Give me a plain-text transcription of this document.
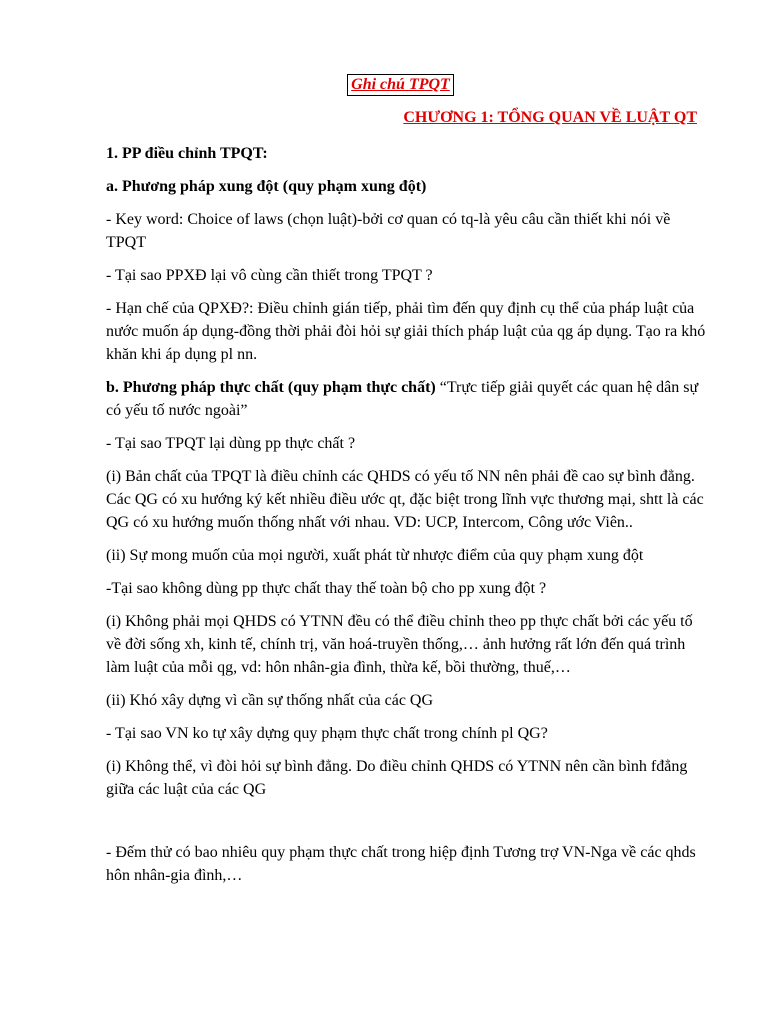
Ghi chú TPQT
CHƯƠNG 1: TỔNG QUAN VỀ LUẬT QT

1. PP điều chỉnh TPQT:

a. Phương pháp xung đột (quy phạm xung đột)

- Key word: Choice of laws (chọn luật)-bởi cơ quan có tq-là yêu câu cần thiết khi nói về TPQT

- Tại sao PPXĐ lại vô cùng cần thiết trong TPQT ?

- Hạn chế của QPXĐ?: Điều chỉnh gián tiếp, phải tìm đến quy định cụ thể của pháp luật của nước muốn áp dụng-đồng thời phải đòi hỏi sự giải thích pháp luật của qg áp dụng. Tạo ra khó khăn khi áp dụng pl nn.

b. Phương pháp thực chất (quy phạm thực chất) “Trực tiếp giải quyết các quan hệ dân sự có yếu tố nước ngoài”

- Tại sao TPQT lại dùng pp thực chất ?

(i) Bản chất của TPQT là điều chỉnh các QHDS có yếu tố NN nên phải đề cao sự bình đẳng. Các QG có xu hướng ký kết nhiều điều ước qt, đặc biệt trong lĩnh vực thương mại, shtt là các QG có xu hướng muốn thống nhất với nhau. VD: UCP, Intercom, Công ước Viên..

(ii) Sự mong muốn của mọi người, xuất phát từ nhược điểm của quy phạm xung đột

-Tại sao không dùng pp thực chất thay thế toàn bộ cho pp xung đột ?

(i) Không phải mọi QHDS có YTNN đều có thể điều chỉnh theo pp thực chất bởi các yếu tố về đời sống xh, kinh tế, chính trị, văn hoá-truyền thống,… ảnh hưởng rất lớn đến quá trình làm luật của mỗi qg, vd: hôn nhân-gia đình, thừa kế, bồi thường, thuế,…

(ii) Khó xây dựng vì cần sự thống nhất của các QG

- Tại sao VN ko tự xây dựng quy phạm thực chất trong chính pl QG?

(i) Không thể, vì đòi hỏi sự bình đẳng. Do điều chỉnh QHDS có YTNN nên cần bình fđẳng giữa các luật của các QG

- Đếm thử có bao nhiêu quy phạm thực chất trong hiệp định Tương trợ VN-Nga về các qhds hôn nhân-gia đình,…
